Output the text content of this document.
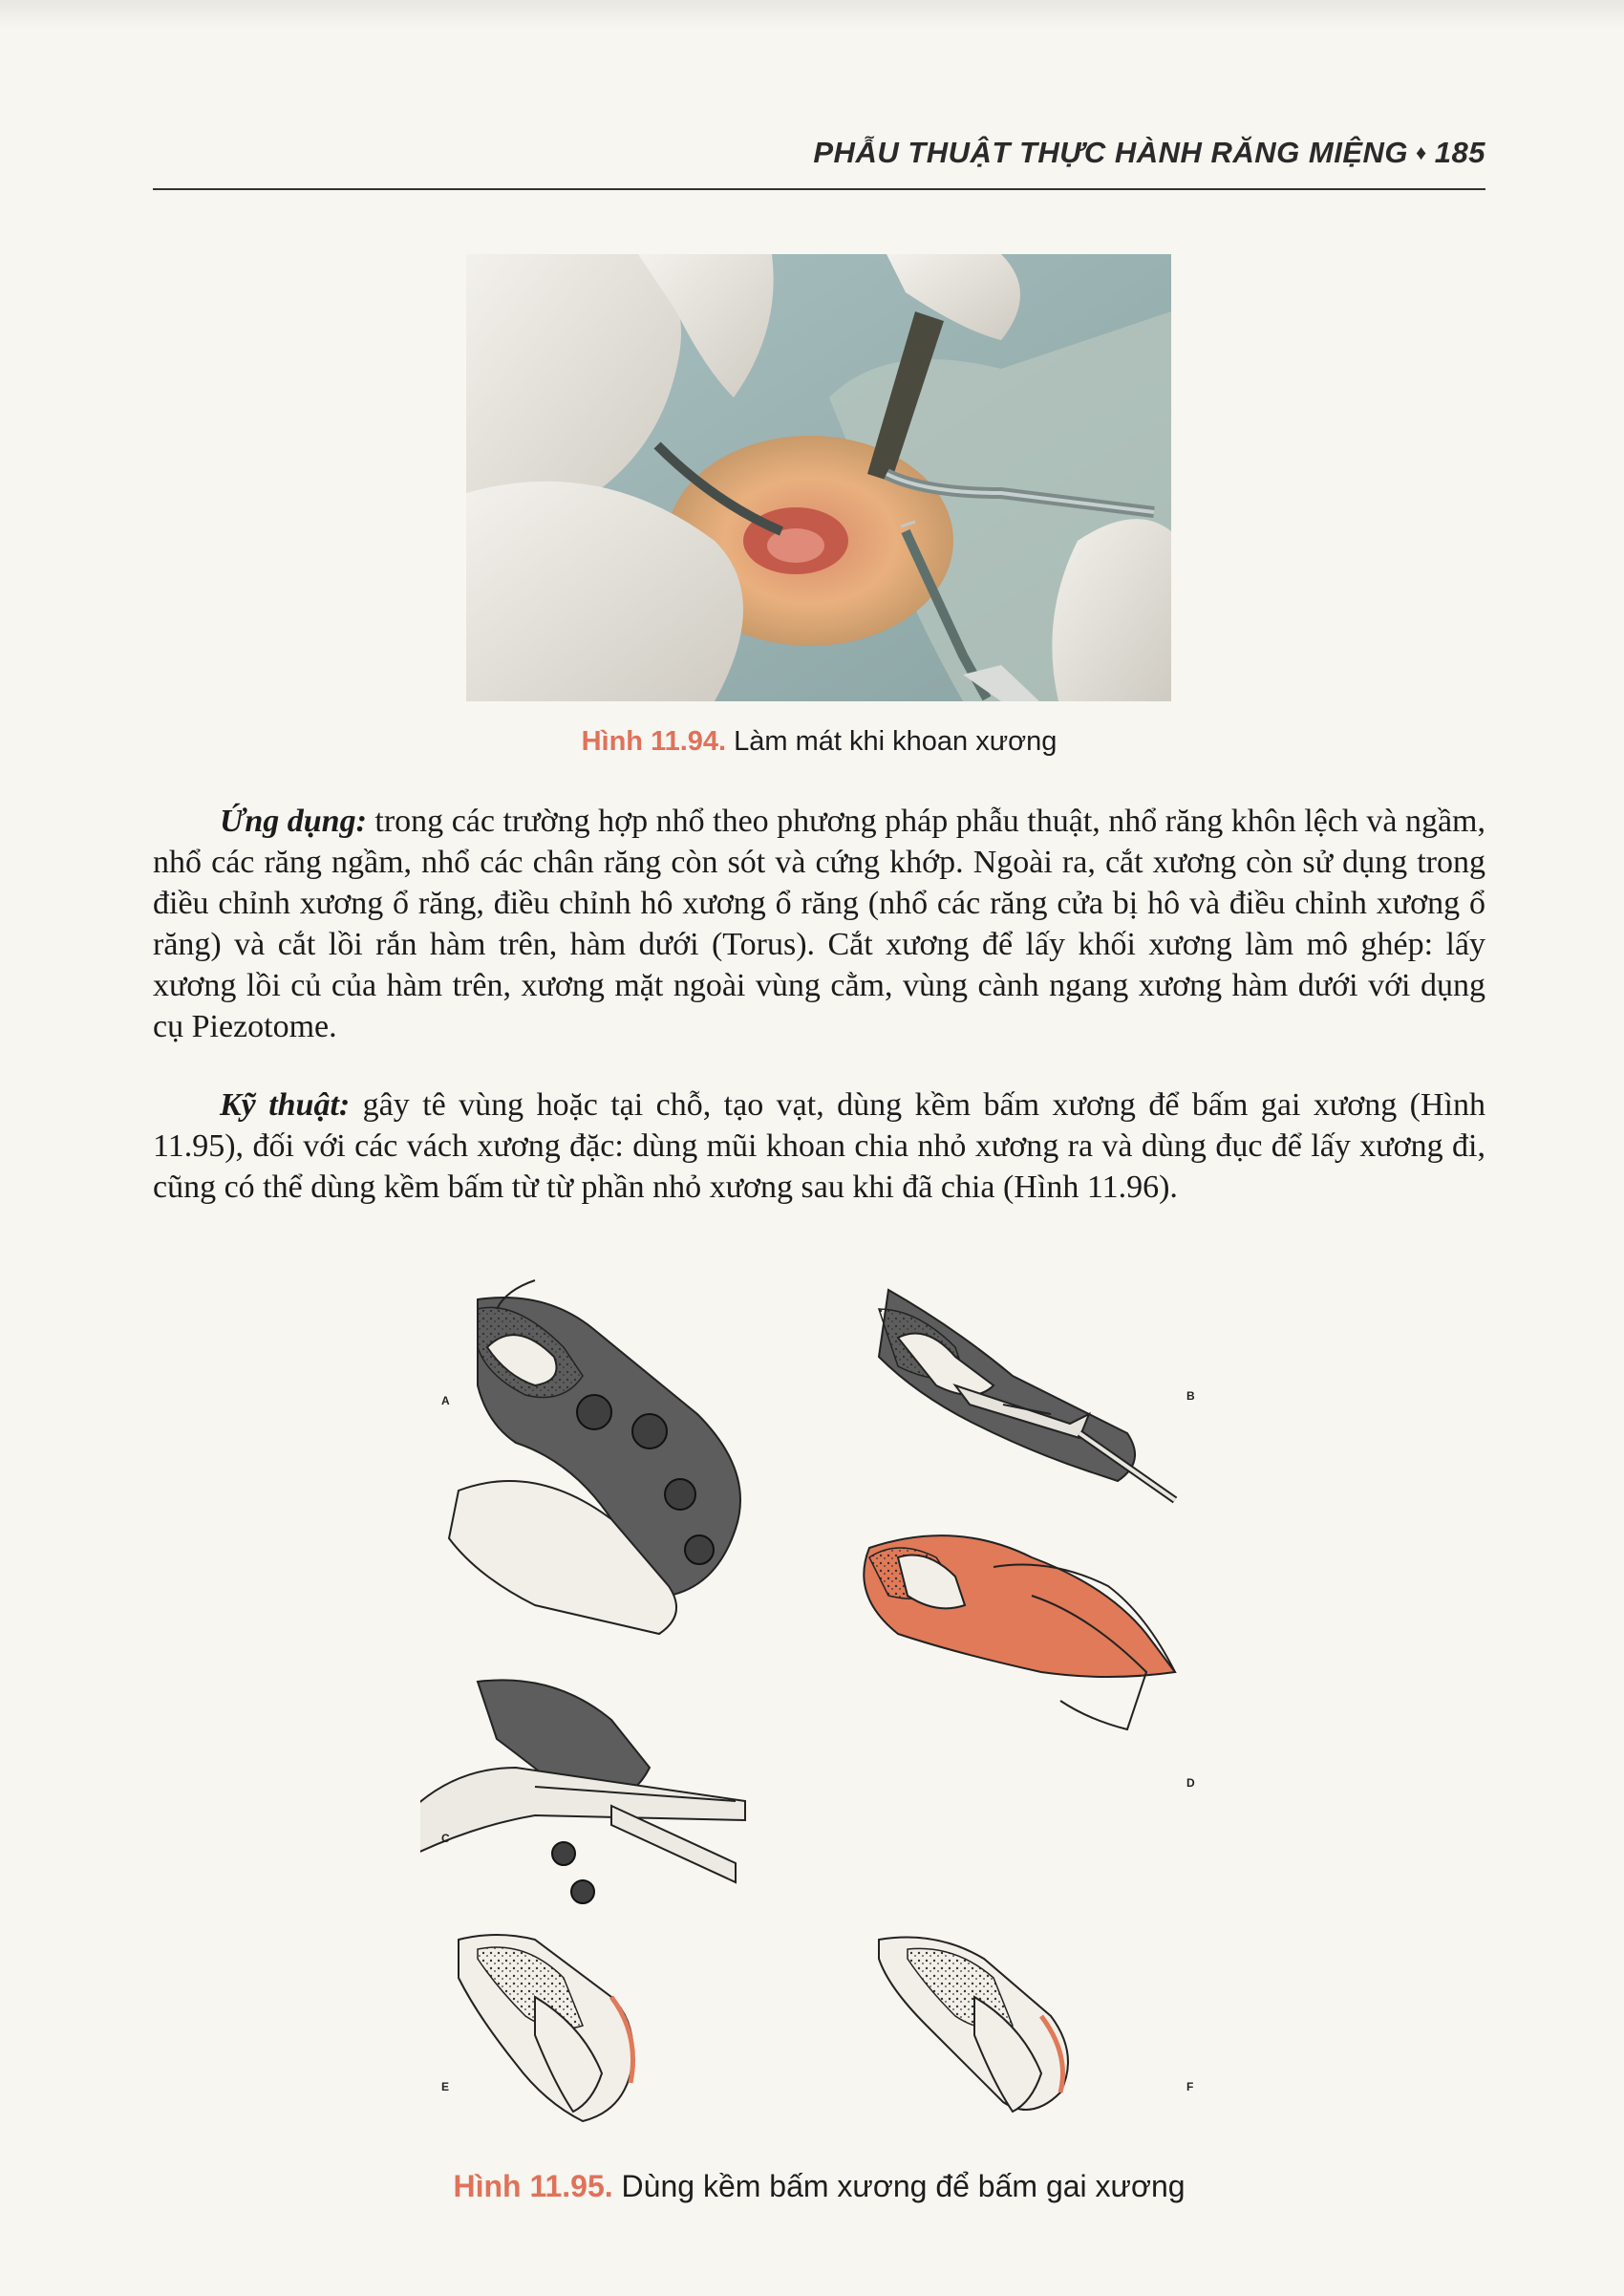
PHẪU THUẬT THỰC HÀNH RĂNG MIỆNG ♦ 185
Hình 11.94. Làm mát khi khoan xương
Ứng dụng: trong các trường hợp nhổ theo phương pháp phẫu thuật, nhổ răng khôn lệch và ngầm, nhổ các răng ngầm, nhổ các chân răng còn sót và cứng khớp. Ngoài ra, cắt xương còn sử dụng trong điều chỉnh xương ổ răng, điều chỉnh hô xương ổ răng (nhổ các răng cửa bị hô và điều chỉnh xương ổ răng) và cắt lồi rắn hàm trên, hàm dưới (Torus). Cắt xương để lấy khối xương làm mô ghép: lấy xương lồi củ của hàm trên, xương mặt ngoài vùng cằm, vùng cành ngang xương hàm dưới với dụng cụ Piezotome.
Kỹ thuật: gây tê vùng hoặc tại chỗ, tạo vạt, dùng kềm bấm xương để bấm gai xương (Hình 11.95), đối với các vách xương đặc: dùng mũi khoan chia nhỏ xương ra và dùng đục để lấy xương đi, cũng có thể dùng kềm bấm từ từ phần nhỏ xương sau khi đã chia (Hình 11.96).
A	B
C
D
E	F
Hình 11.95. Dùng kềm bấm xương để bấm gai xương
